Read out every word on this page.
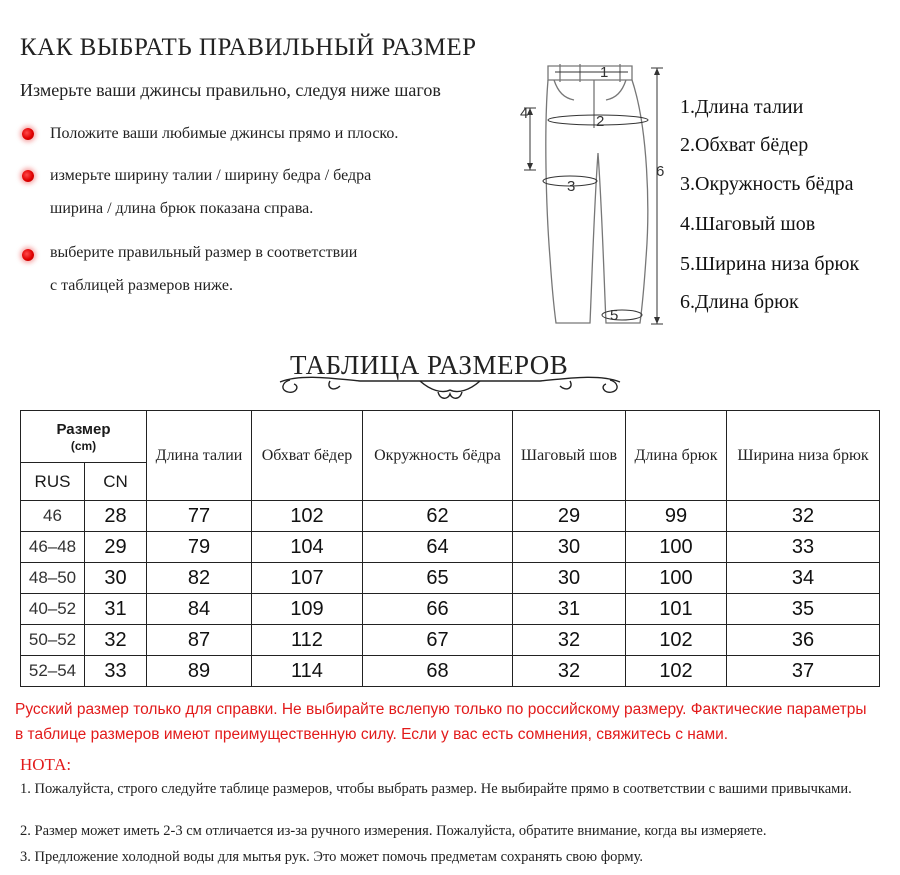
КАК ВЫБРАТЬ ПРАВИЛЬНЫЙ РАЗМЕР
Измерьте ваши джинсы правильно, следуя ниже шагов
Положите ваши любимые джинсы прямо и плоско.
измерьте ширину талии / ширину бедра / бедра
ширина / длина брюк показана справа.
выберите правильный размер в соответствии
с таблицей размеров ниже.
1
2
3
4
5
6
1.Длина талии
2.Обхват бёдер
3.Окружность бёдра
4.Шаговый шов
5.Ширина низа брюк
6.Длина брюк
ТАБЛИЦА РАЗМЕРОВ
Размер
(cm)		Длина талии	Обхват бёдер	Окружность бёдра	Шаговый шов	Длина брюк	Ширина низа брюк
RUS	CN						
46	28	77	102	62	29	99	32
46–48	29	79	104	64	30	100	33
48–50	30	82	107	65	30	100	34
40–52	31	84	109	66	31	101	35
50–52	32	87	112	67	32	102	36
52–54	33	89	114	68	32	102	37
Русский размер только для справки. Не выбирайте вслепую только по российскому размеру. Фактические параметры
в таблице размеров имеют преимущественную силу. Если у вас есть сомнения, свяжитесь с нами.
НОТА:
1. Пожалуйста, строго следуйте таблице размеров, чтобы выбрать размер. Не выбирайте прямо в соответствии с вашими привычками.
2. Размер может иметь 2-3 см отличается из-за ручного измерения. Пожалуйста, обратите внимание, когда вы измеряете.
3. Предложение холодной воды для мытья рук. Это может помочь предметам сохранять свою форму.
